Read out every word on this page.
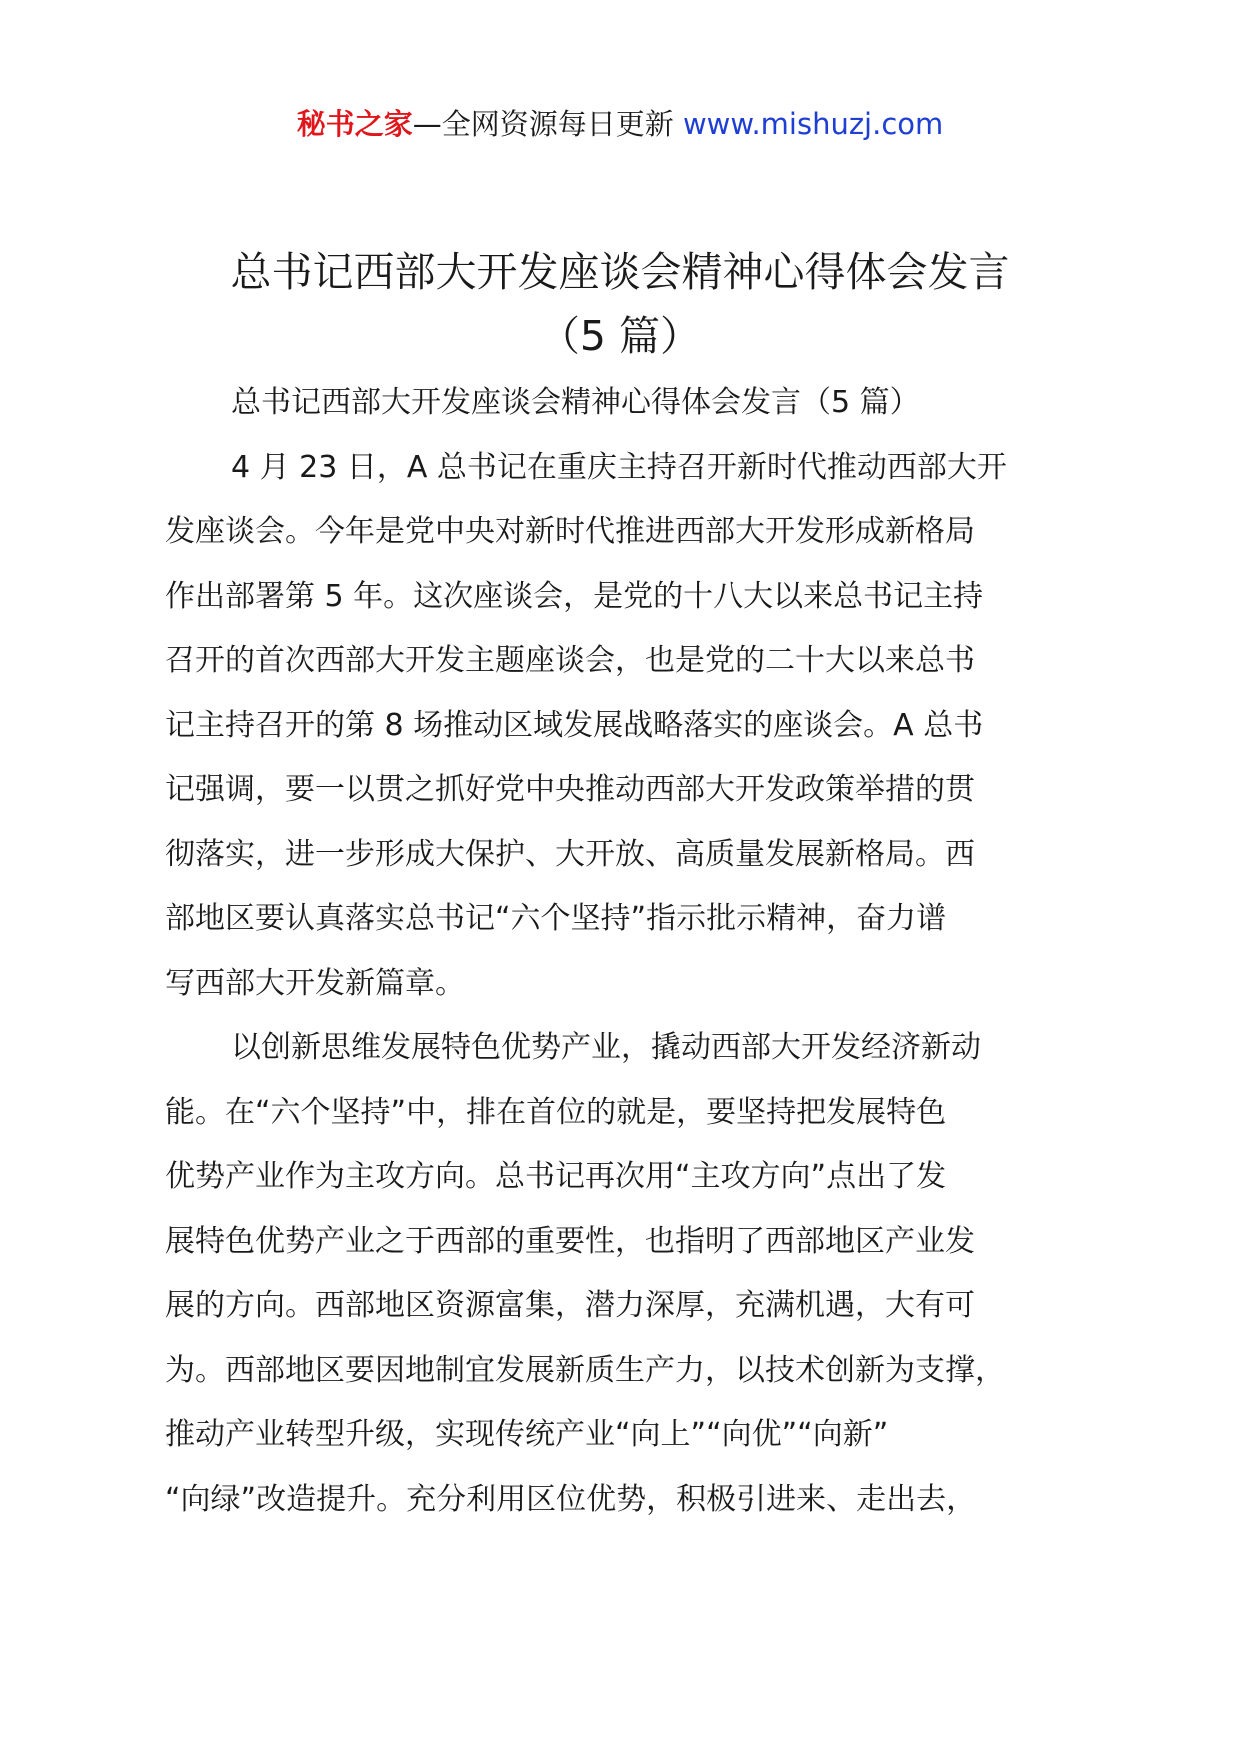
秘书之家—全网资源每日更新 www.mishuzj.com
总书记西部大开发座谈会精神心得体会发言
（5 篇）

总书记西部大开发座谈会精神心得体会发言（5 篇）

4 月 23 日，A 总书记在重庆主持召开新时代推动西部大开
发座谈会。今年是党中央对新时代推进西部大开发形成新格局
作出部署第 5 年。这次座谈会，是党的十八大以来总书记主持
召开的首次西部大开发主题座谈会，也是党的二十大以来总书
记主持召开的第 8 场推动区域发展战略落实的座谈会。A 总书
记强调，要一以贯之抓好党中央推动西部大开发政策举措的贯
彻落实，进一步形成大保护、大开放、高质量发展新格局。西
部地区要认真落实总书记“六个坚持”指示批示精神，奋力谱
写西部大开发新篇章。

以创新思维发展特色优势产业，撬动西部大开发经济新动
能。在“六个坚持”中，排在首位的就是，要坚持把发展特色
优势产业作为主攻方向。总书记再次用“主攻方向”点出了发
展特色优势产业之于西部的重要性，也指明了西部地区产业发
展的方向。西部地区资源富集，潜力深厚，充满机遇，大有可
为。西部地区要因地制宜发展新质生产力，以技术创新为支撑，
推动产业转型升级，实现传统产业“向上”“向优”“向新”
“向绿”改造提升。充分利用区位优势，积极引进来、走出去，
